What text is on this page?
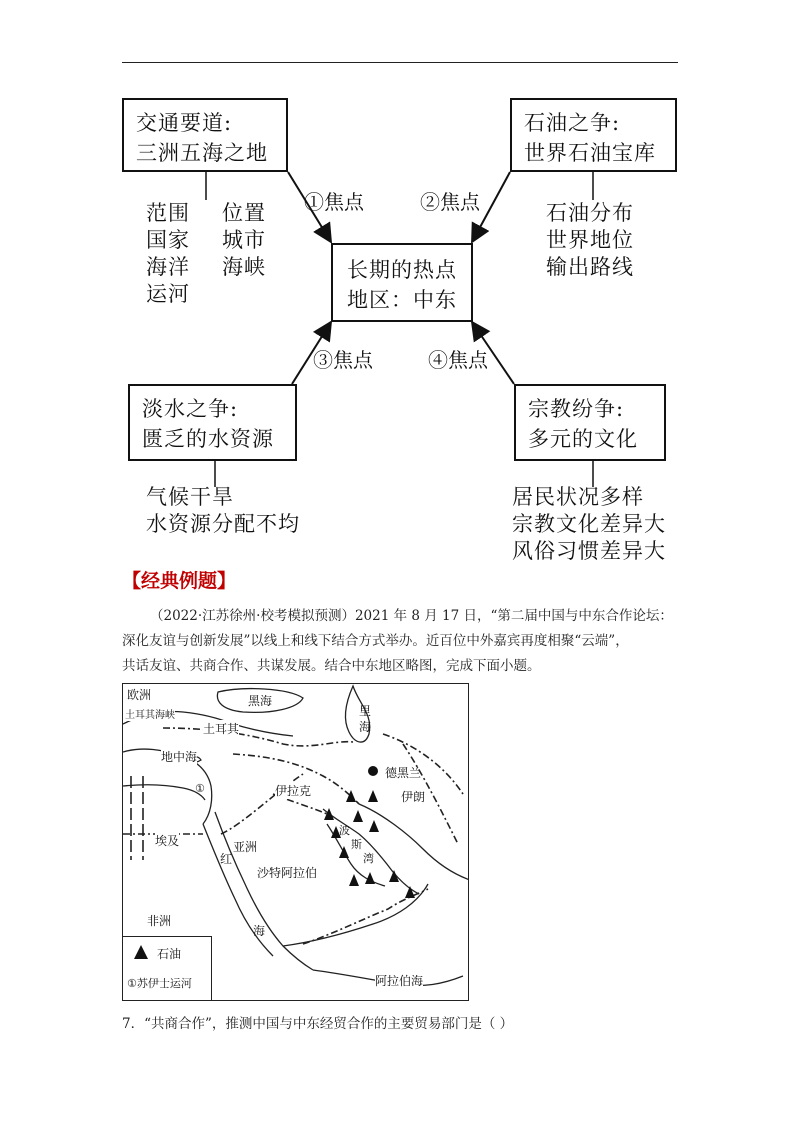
交通要道:
三洲五海之地
石油之争:
世界石油宝库
长期的热点
地区：中东
淡水之争:
匮乏的水资源
宗教纷争:
多元的文化
①焦点	②焦点
③焦点	④焦点
范围
国家
海洋
运河
位置
城市
海峡
石油分布
世界地位
输出路线
气候干旱
水资源分配不均
居民状况多样
宗教文化差异大
风俗习惯差异大
【经典例题】
（2022·江苏徐州·校考模拟预测）2021 年 8 月 17 日，“第二届中国与中东合作论坛：
深化友谊与创新发展”以线上和线下结合方式举办。近百位中外嘉宾再度相聚“云端”，
共话友谊、共商合作、共谋发展。结合中东地区略图，完成下面小题。
欧洲	黑海
土耳其海峡	里
海
土耳其
地中海
德黑兰
①	伊拉克	伊朗
波
斯
湾
埃及	亚洲
红
沙特阿拉伯
非洲
海
阿拉伯海
石油
①苏伊士运河
7．“共商合作”，推测中国与中东经贸合作的主要贸易部门是（ ）
